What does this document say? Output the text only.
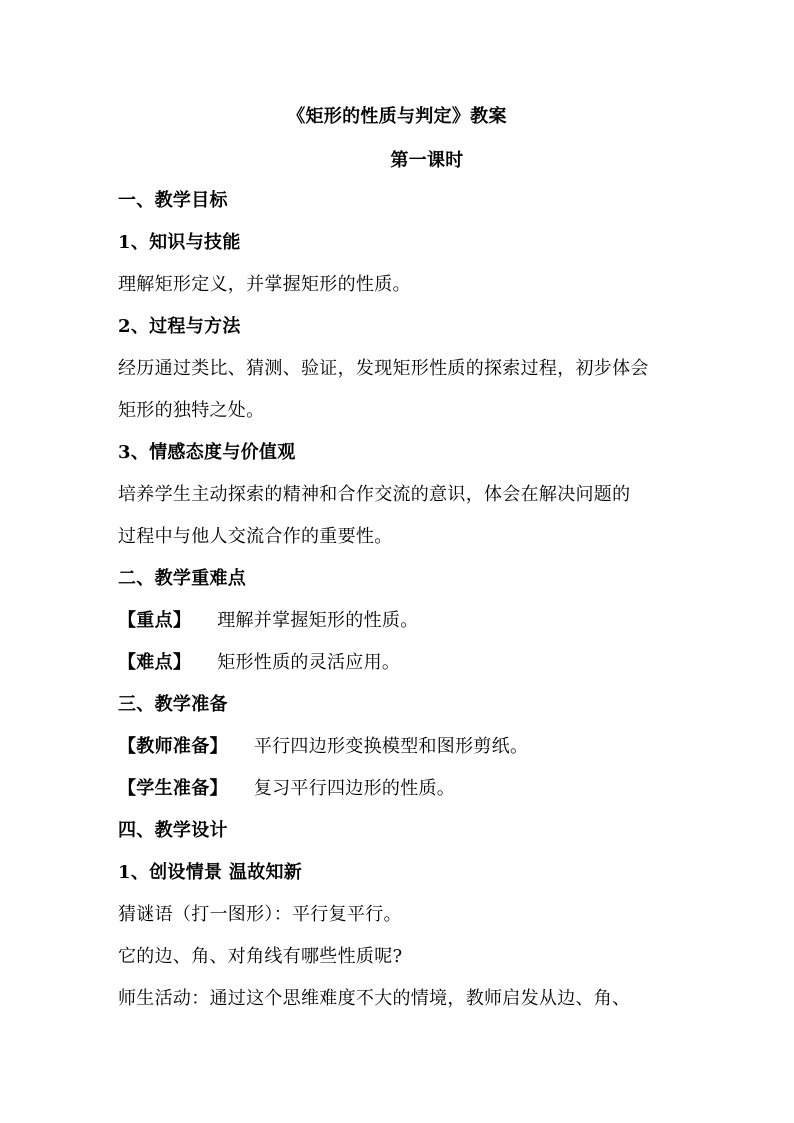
《矩形的性质与判定》教案
第一课时
一、教学目标
1、知识与技能
理解矩形定义，并掌握矩形的性质。
2、过程与方法
经历通过类比、猜测、验证，发现矩形性质的探索过程，初步体会
矩形的独特之处。
3、情感态度与价值观
培养学生主动探索的精神和合作交流的意识，体会在解决问题的
过程中与他人交流合作的重要性。
二、教学重难点
【重点】 理解并掌握矩形的性质。
【难点】 矩形性质的灵活应用。
三、教学准备
【教师准备】 平行四边形变换模型和图形剪纸。
【学生准备】 复习平行四边形的性质。
四、教学设计
1、创设情景 温故知新
猜谜语（打一图形）：平行复平行。
它的边、角、对角线有哪些性质呢?
师生活动：通过这个思维难度不大的情境，教师启发从边、角、
